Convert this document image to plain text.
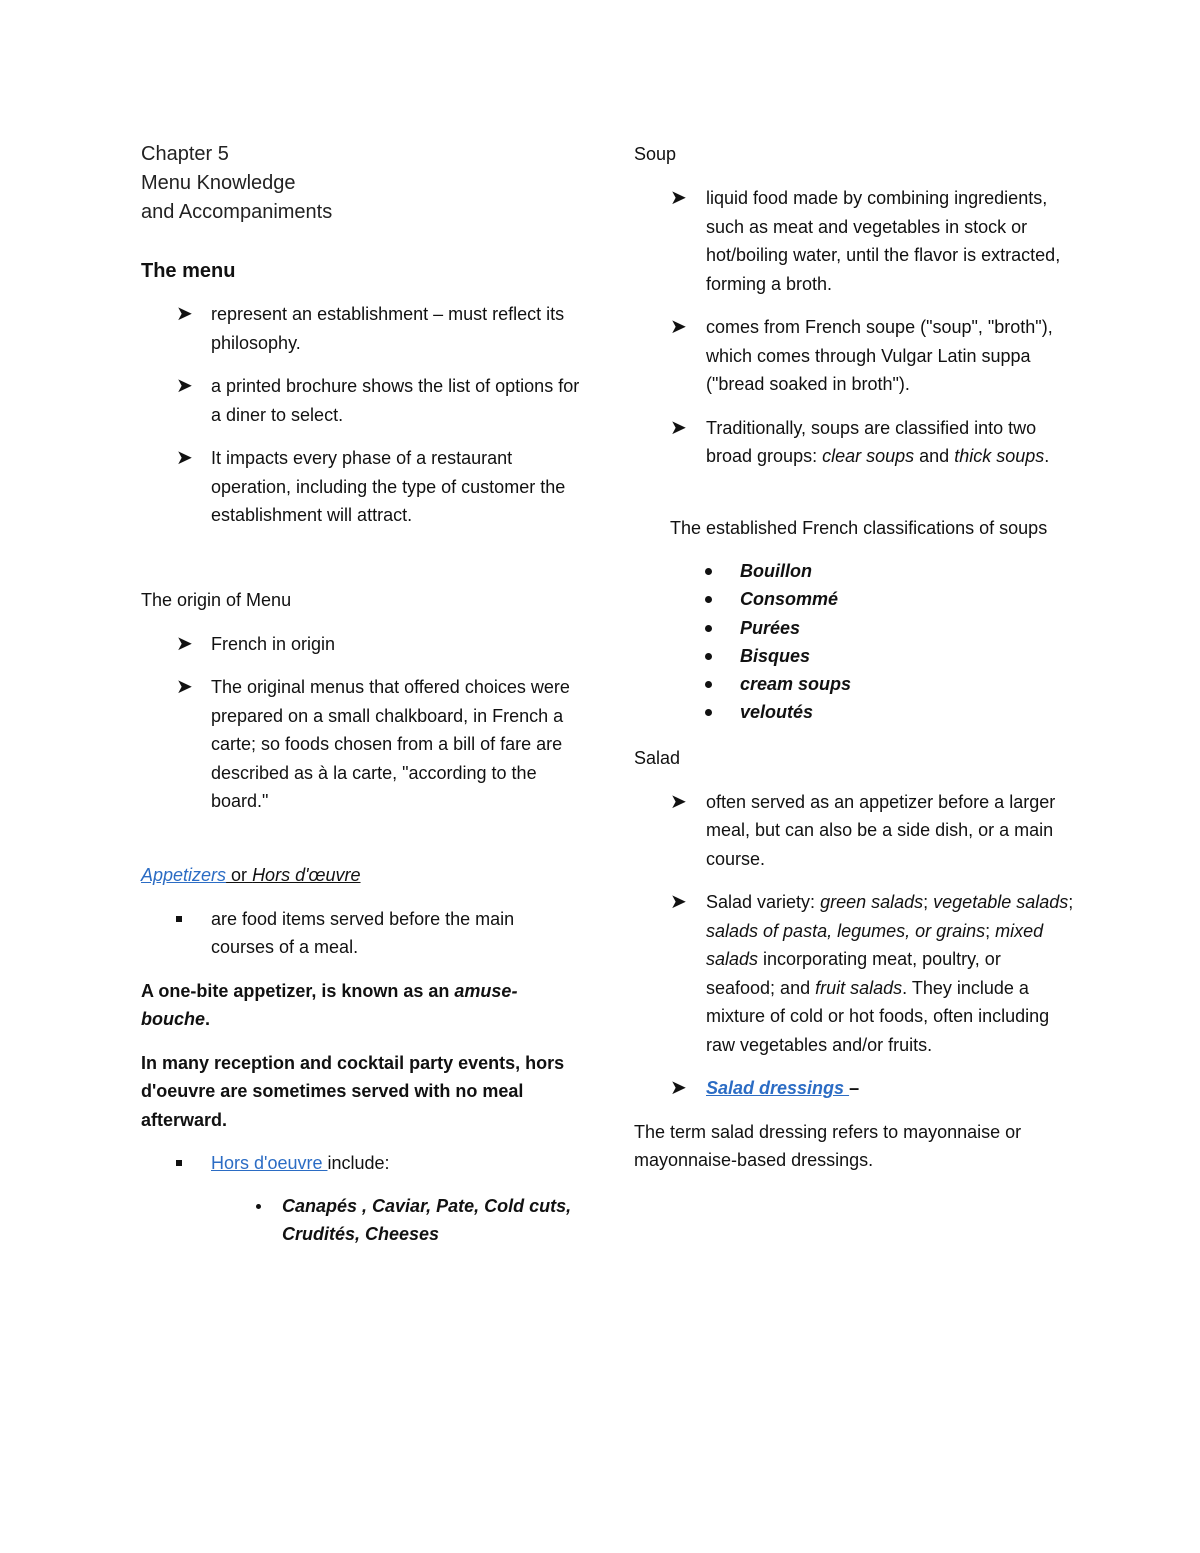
Chapter 5

Menu Knowledge

and Accompaniments

The menu

➤ represent an establishment – must reflect its philosophy.
➤ a printed brochure shows the list of options for a diner to select.
➤ It impacts every phase of a restaurant operation, including the type of customer the establishment will attract.

The origin of Menu

➤ French in origin
➤ The original menus that offered choices were prepared on a small chalkboard, in French a carte; so foods chosen from a bill of fare are described as à la carte, "according to the board."

Appetizers or Hors d'œuvre

are food items served before the main courses of a meal.

A one-bite appetizer, is known as an amuse-bouche.

In many reception and cocktail party events, hors d'oeuvre are sometimes served with no meal afterward.

Hors d'oeuvre include:
Canapés , Caviar, Pate, Cold cuts, Crudités, Cheeses

Soup

➤ liquid food made by combining ingredients, such as meat and vegetables in stock or hot/boiling water, until the flavor is extracted, forming a broth.
➤ comes from French soupe ("soup", "broth"), which comes through Vulgar Latin suppa ("bread soaked in broth").
➤ Traditionally, soups are classified into two broad groups: clear soups and thick soups.

The established French classifications of soups

Bouillon
Consommé
Purées
Bisques
cream soups
veloutés

Salad

➤ often served as an appetizer before a larger meal, but can also be a side dish, or a main course.
➤ Salad variety: green salads; vegetable salads; salads of pasta, legumes, or grains; mixed salads incorporating meat, poultry, or seafood; and fruit salads. They include a mixture of cold or hot foods, often including raw vegetables and/or fruits.
➤ Salad dressings –

The term salad dressing refers to mayonnaise or mayonnaise-based dressings.
